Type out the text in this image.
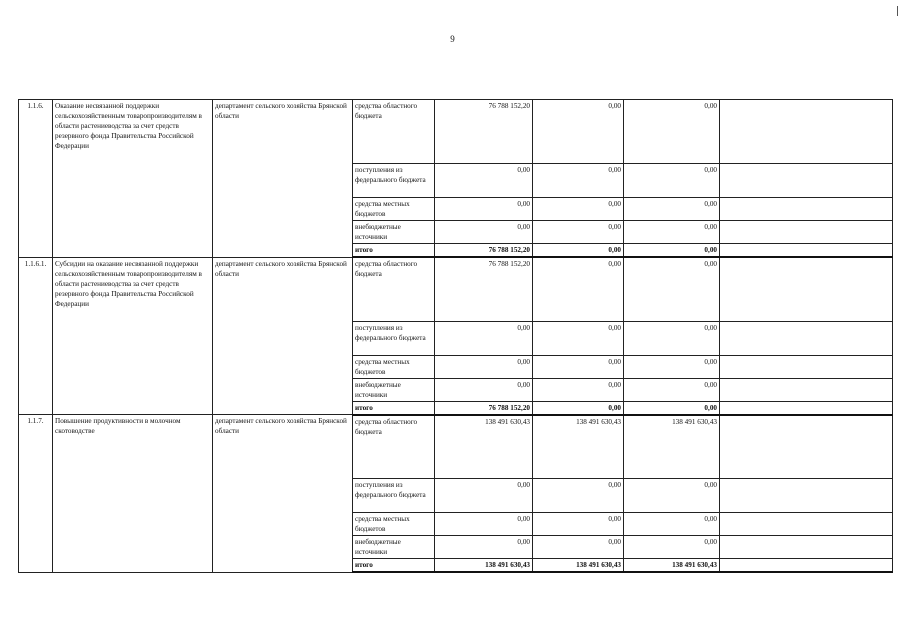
9
1.1.6.	Оказание несвязанной поддержки сельскохозяйственным товаропроизводителям в области растениеводства за счет средств резервного фонда Правительства Российской Федерации	департамент сельского хозяйства Брянской области	средства областного бюджета	76 788 152,20	0,00	0,00	
			поступления из федерального бюджета	0,00	0,00	0,00	
			средства местных бюджетов	0,00	0,00	0,00	
			внебюджетные источники	0,00	0,00	0,00	
			итого	76 788 152,20	0,00	0,00	
1.1.6.1.	Субсидии на оказание несвязанной поддержки сельскохозяйственным товаропроизводителям в области растениеводства за счет средств резервного фонда Правительства Российской Федерации	департамент сельского хозяйства Брянской области	средства областного бюджета	76 788 152,20	0,00	0,00	
			поступления из федерального бюджета	0,00	0,00	0,00	
			средства местных бюджетов	0,00	0,00	0,00	
			внебюджетные источники	0,00	0,00	0,00	
			итого	76 788 152,20	0,00	0,00	
1.1.7.	Повышение продуктивности в молочном скотоводстве	департамент сельского хозяйства Брянской области	средства областного бюджета	138 491 630,43	138 491 630,43	138 491 630,43	
			поступления из федерального бюджета	0,00	0,00	0,00	
			средства местных бюджетов	0,00	0,00	0,00	
			внебюджетные источники	0,00	0,00	0,00	
			итого	138 491 630,43	138 491 630,43	138 491 630,43	
